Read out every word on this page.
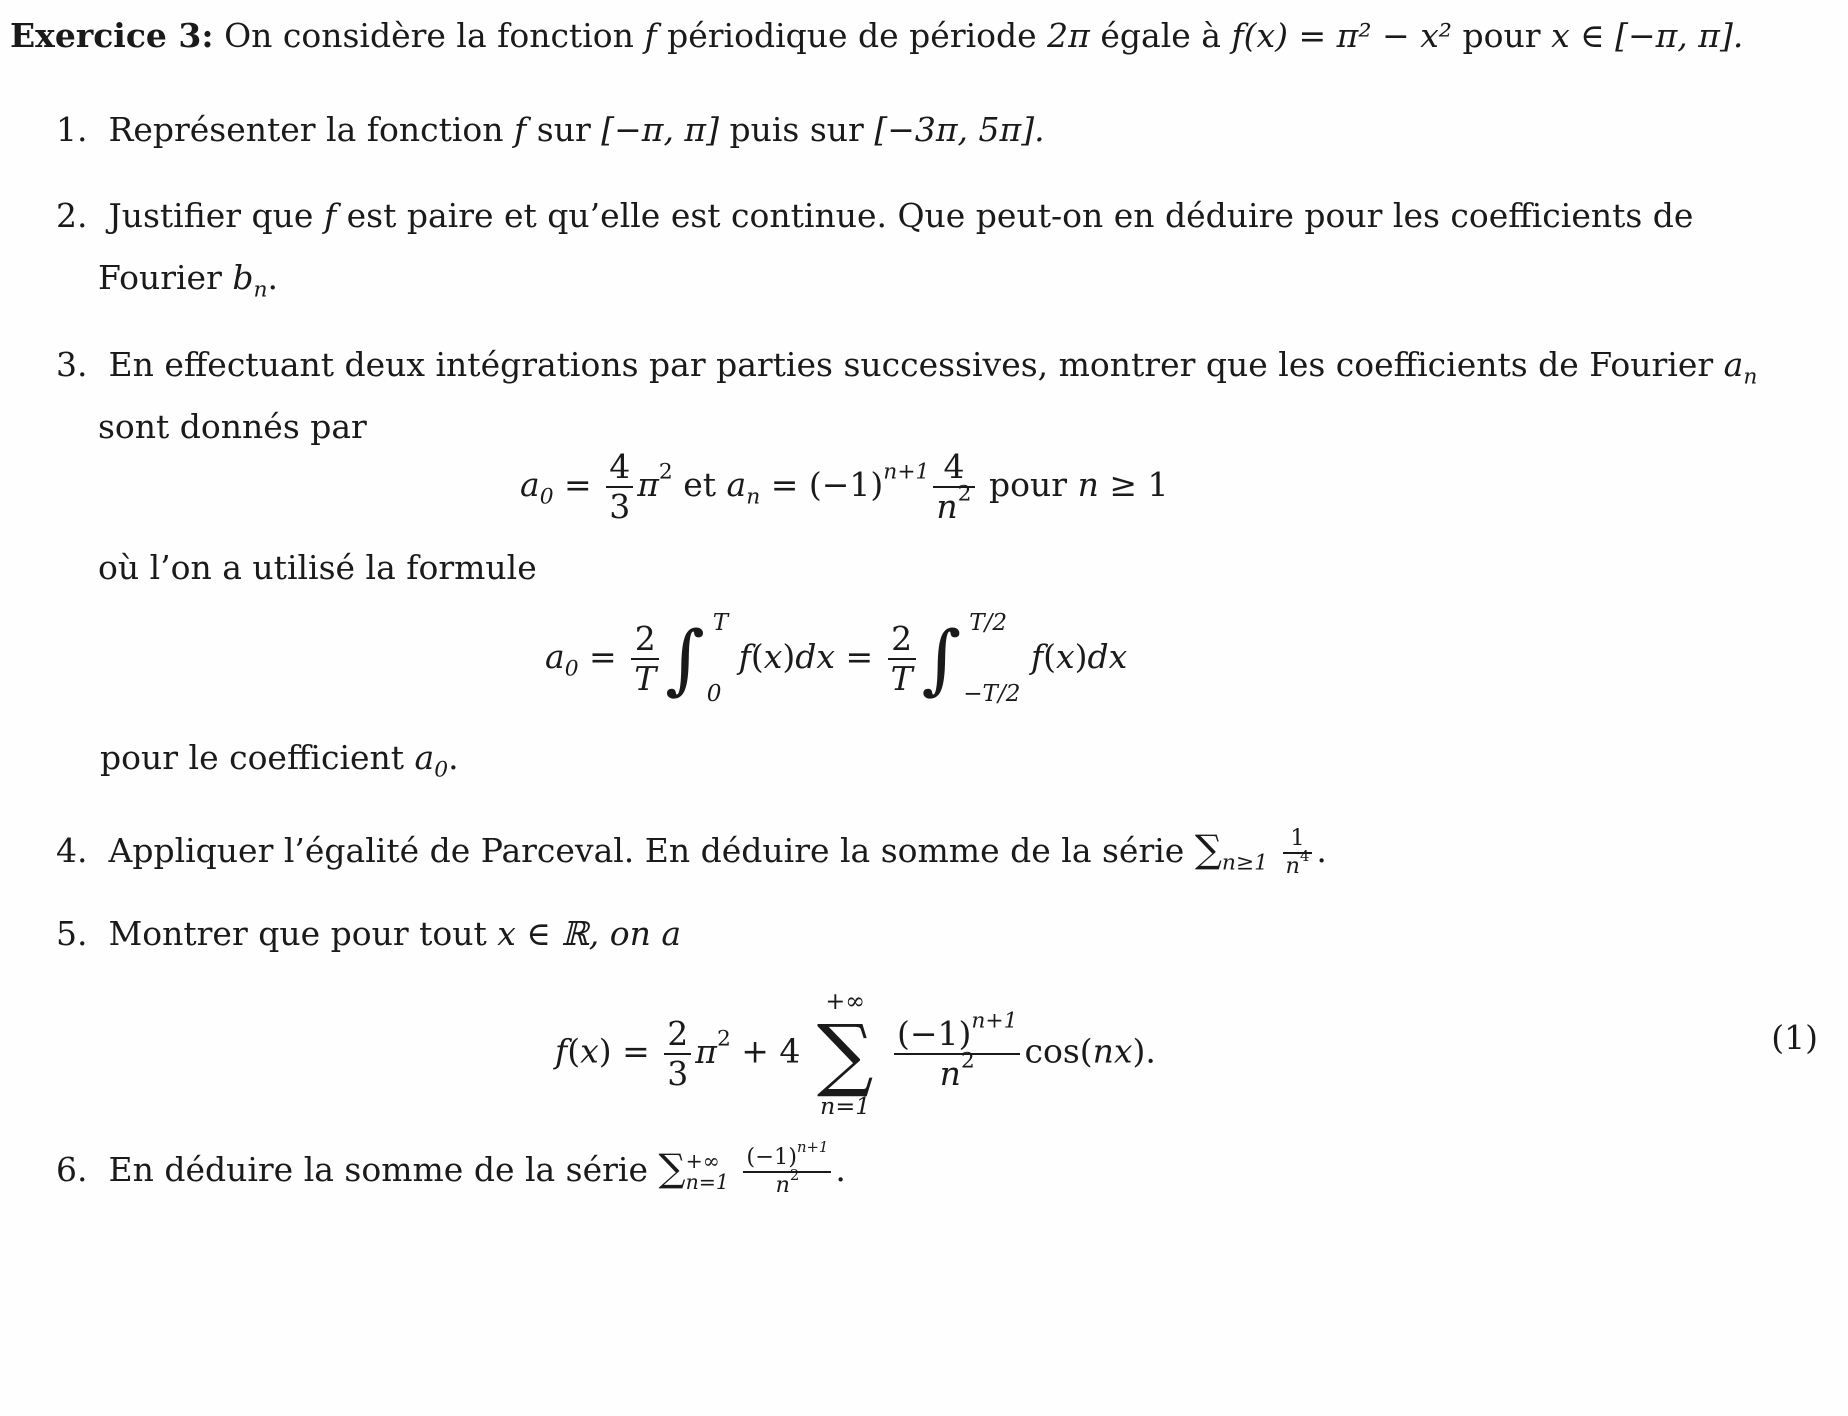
Exercice 3: On considère la fonction f périodique de période 2π égale à f(x) = π² − x² pour x ∈ [−π, π].
1. Représenter la fonction f sur [−π, π] puis sur [−3π, 5π].
2. Justifier que f est paire et qu’elle est continue. Que peut-on en déduire pour les coefficients de
Fourier $b_n$.
3. En effectuant deux intégrations par parties successives, montrer que les coefficients de Fourier $a_n$
sont donnés par
$a_0 = \frac{4}{3} \pi^2$ et $a_n = (-1)^{n+1} \frac{4}{n^2}$ pour n ≥ 1
où l’on a utilisé la formule
$a_0 = \frac{2}{T}$ ∫ T
0
$f(x)dx = \frac{2}{T}$ ∫ T/2
−T/2
f(x)dx
pour le coefficient $a_0$.
4. Appliquer l’égalité de Parceval. En déduire la somme de la série $\sum_{n\ge 1} \frac{1}{n^4}$ .
5. Montrer que pour tout x ∈ ℝ, on a
$f(x) = \frac{2}{3} \pi^2 + 4$
+∞
∑
n=1

$\frac{(-1)^{n+1}}{n^2} \cos(nx)$.	(1)
6. En déduire la somme de la série ∑ +∞
n=1
$\frac{(-1)^{n+1}}{n^2}$ .
